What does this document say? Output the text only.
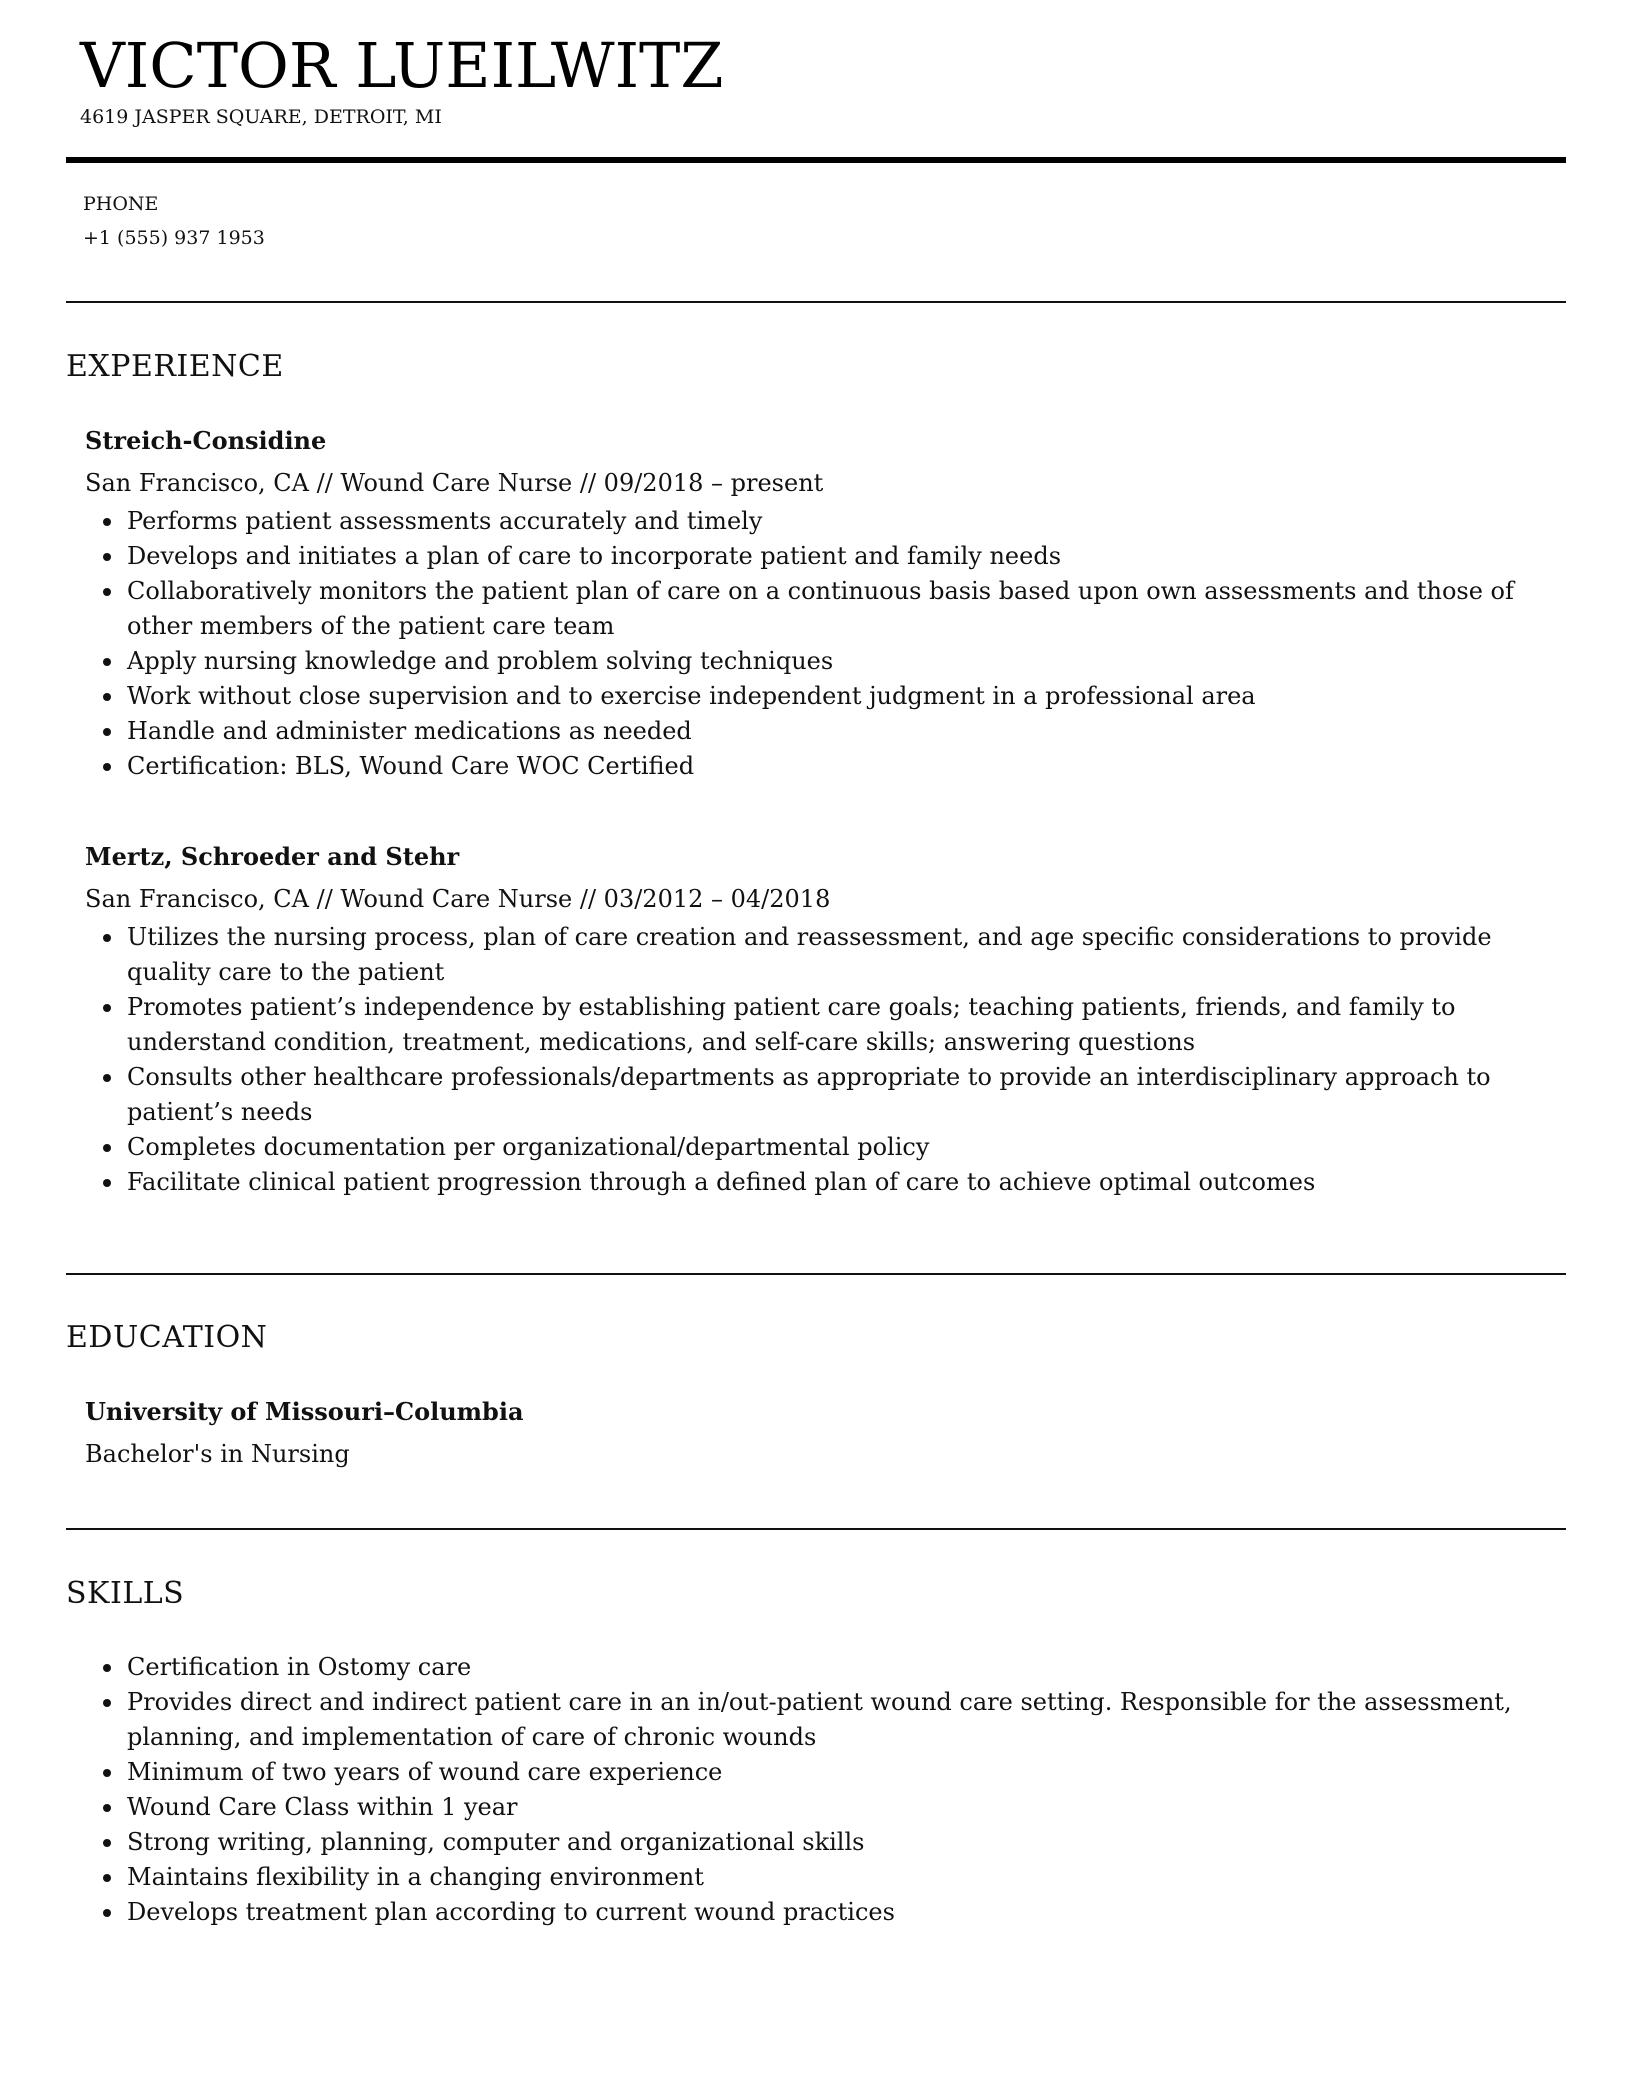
VICTOR LUEILWITZ
4619 JASPER SQUARE, DETROIT, MI
PHONE
+1 (555) 937 1953
EXPERIENCE
Streich-Considine
San Francisco, CA // Wound Care Nurse // 09/2018 – present
Performs patient assessments accurately and timely
Develops and initiates a plan of care to incorporate patient and family needs
Collaboratively monitors the patient plan of care on a continuous basis based upon own assessments and those of other members of the patient care team
Apply nursing knowledge and problem solving techniques
Work without close supervision and to exercise independent judgment in a professional area
Handle and administer medications as needed
Certification: BLS, Wound Care WOC Certified
Mertz, Schroeder and Stehr
San Francisco, CA // Wound Care Nurse // 03/2012 – 04/2018
Utilizes the nursing process, plan of care creation and reassessment, and age specific considerations to provide quality care to the patient
Promotes patient’s independence by establishing patient care goals; teaching patients, friends, and family to understand condition, treatment, medications, and self-care skills; answering questions
Consults other healthcare professionals/departments as appropriate to provide an interdisciplinary approach to patient’s needs
Completes documentation per organizational/departmental policy
Facilitate clinical patient progression through a defined plan of care to achieve optimal outcomes
EDUCATION
University of Missouri–Columbia
Bachelor's in Nursing
SKILLS
Certification in Ostomy care
Provides direct and indirect patient care in an in/out-patient wound care setting. Responsible for the assessment, planning, and implementation of care of chronic wounds
Minimum of two years of wound care experience
Wound Care Class within 1 year
Strong writing, planning, computer and organizational skills
Maintains flexibility in a changing environment
Develops treatment plan according to current wound practices
